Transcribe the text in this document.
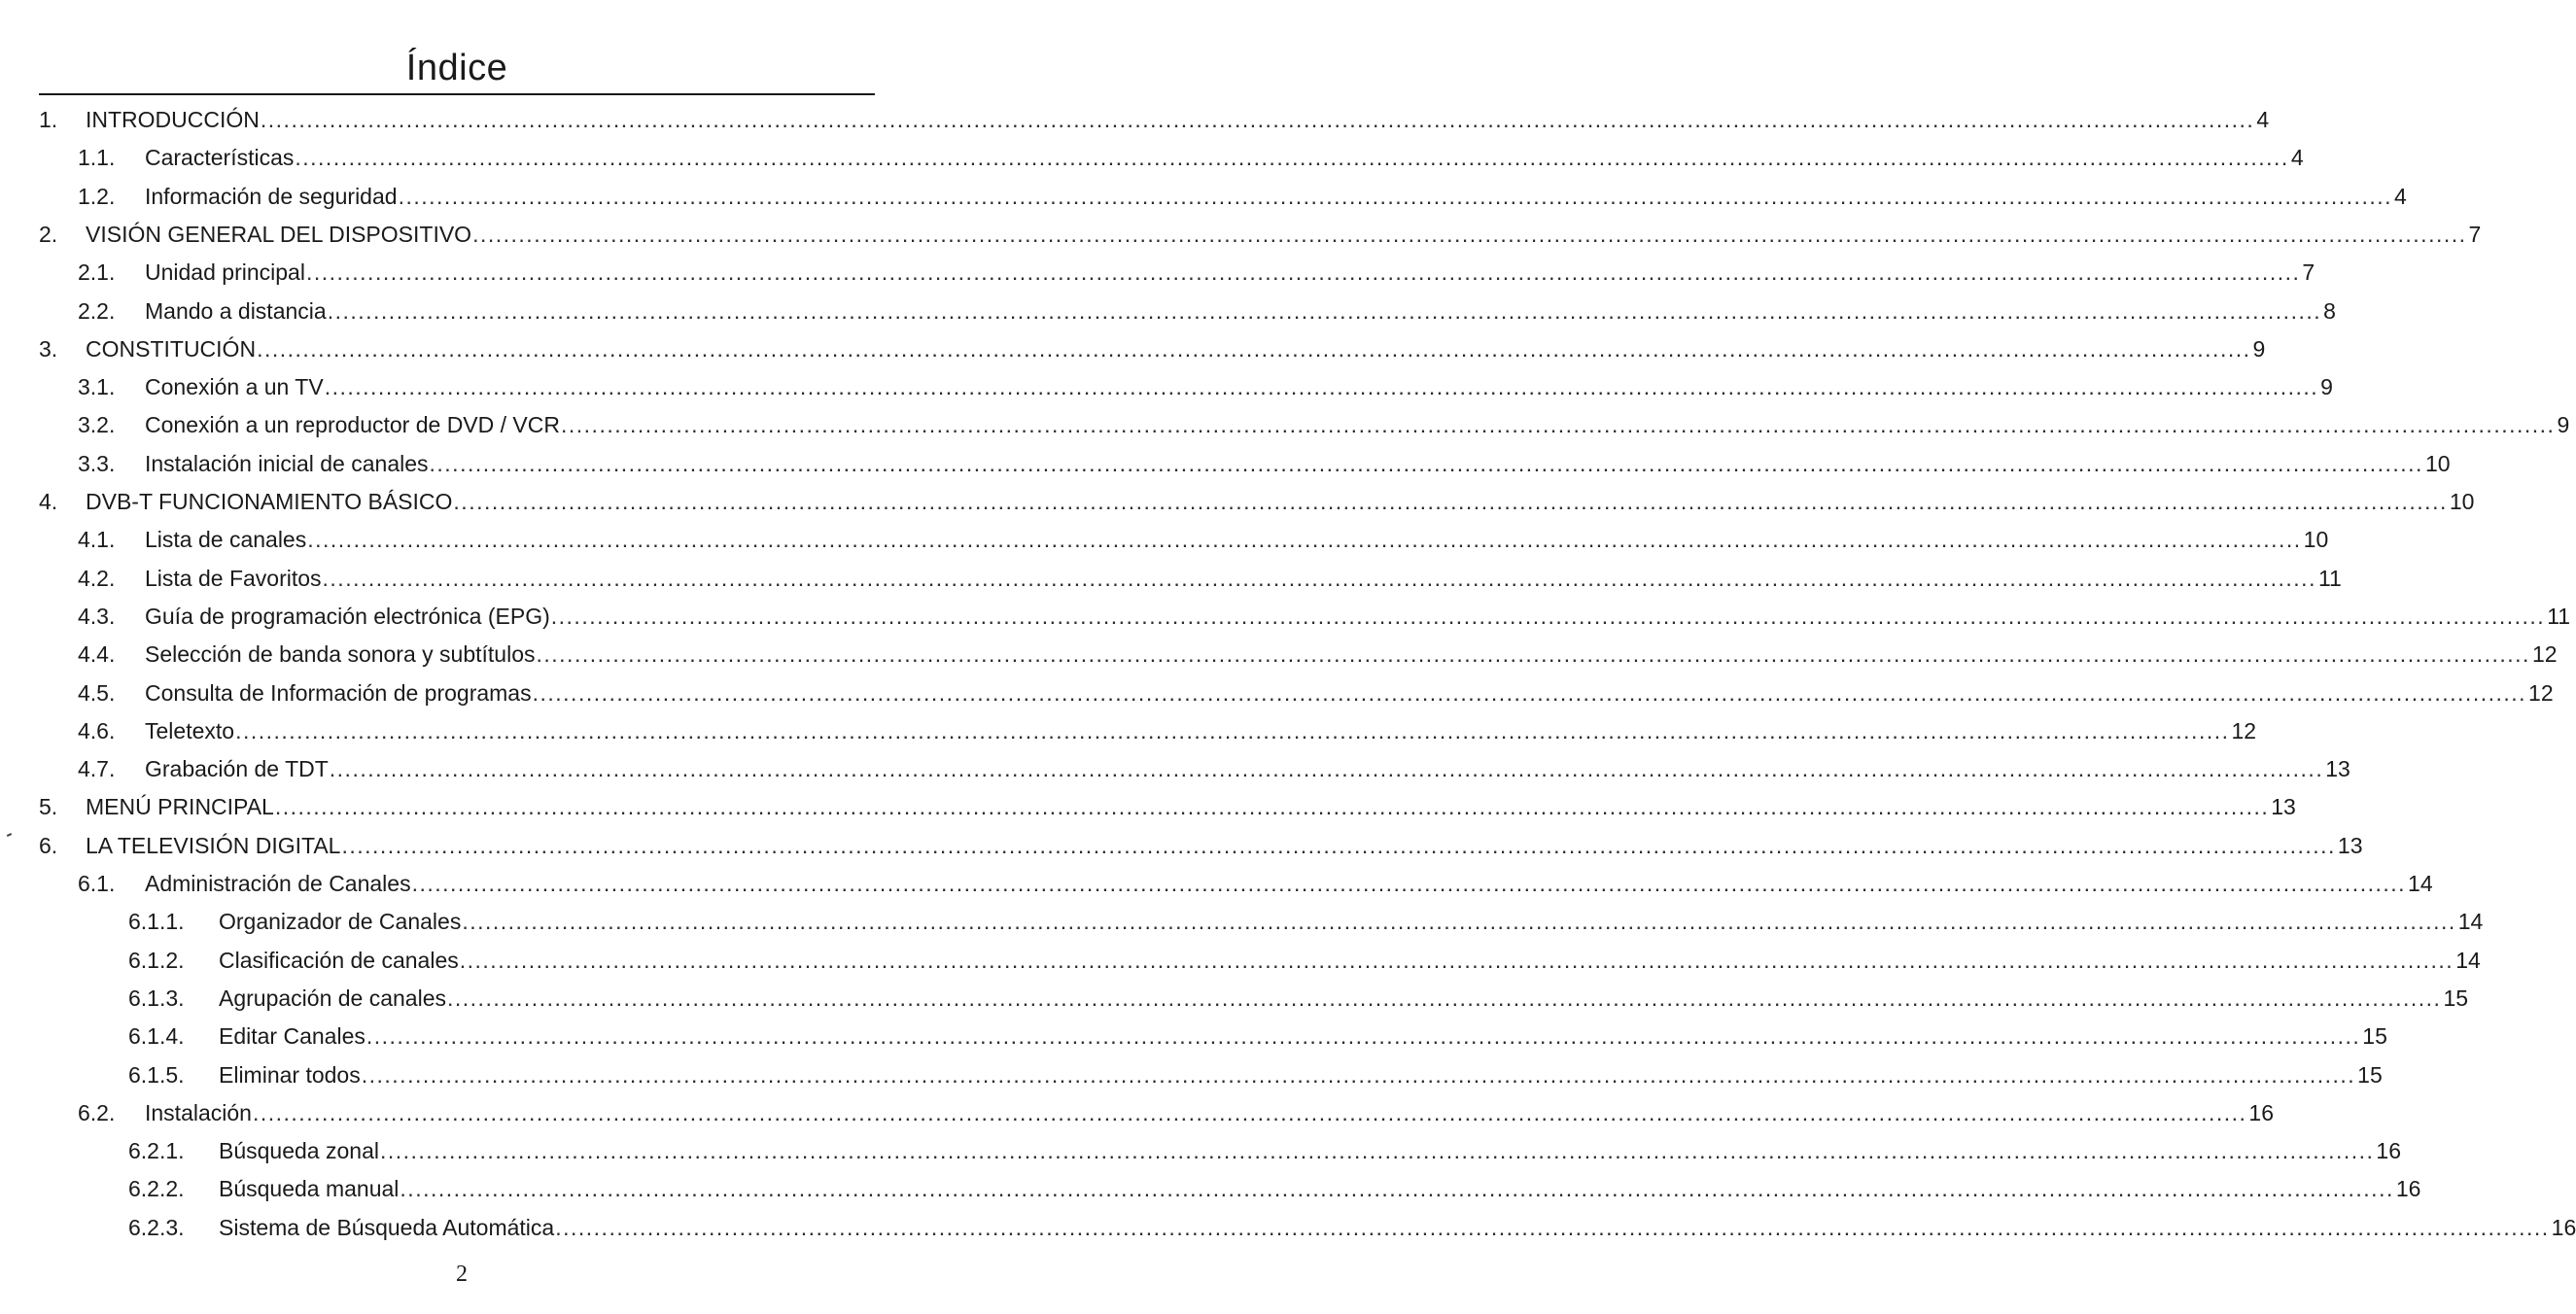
Índice
1.	INTRODUCCIÓN .................................................................................................................................................................................................................................................................... 4
1.1.	Características .................................................................................................................................................................................................................................................................... 4
1.2.	Información de seguridad .................................................................................................................................................................................................................................................................... 4
2.	VISIÓN GENERAL DEL DISPOSITIVO .................................................................................................................................................................................................................................................................... 7
2.1.	Unidad principal .................................................................................................................................................................................................................................................................... 7
2.2.	Mando a distancia .................................................................................................................................................................................................................................................................... 8
3.	CONSTITUCIÓN .................................................................................................................................................................................................................................................................... 9
3.1.	Conexión a un TV .................................................................................................................................................................................................................................................................... 9
3.2.	Conexión a un reproductor de DVD / VCR .................................................................................................................................................................................................................................................................... 9
3.3.	Instalación inicial de canales .................................................................................................................................................................................................................................................................... 10
4.	DVB-T FUNCIONAMIENTO BÁSICO .................................................................................................................................................................................................................................................................... 10
4.1.	Lista de canales .................................................................................................................................................................................................................................................................... 10
4.2.	Lista de Favoritos .................................................................................................................................................................................................................................................................... 11
4.3.	Guía de programación electrónica (EPG) .................................................................................................................................................................................................................................................................... 11
4.4.	Selección de banda sonora y subtítulos .................................................................................................................................................................................................................................................................... 12
4.5.	Consulta de Información de programas .................................................................................................................................................................................................................................................................... 12
4.6.	Teletexto .................................................................................................................................................................................................................................................................... 12
4.7.	Grabación de TDT .................................................................................................................................................................................................................................................................... 13
5.	MENÚ PRINCIPAL .................................................................................................................................................................................................................................................................... 13
6.	LA TELEVISIÓN DIGITAL .................................................................................................................................................................................................................................................................... 13
6.1.	Administración de Canales .................................................................................................................................................................................................................................................................... 14
6.1.1.	Organizador de Canales .................................................................................................................................................................................................................................................................... 14
6.1.2.	Clasificación de canales .................................................................................................................................................................................................................................................................... 14
6.1.3.	Agrupación de canales .................................................................................................................................................................................................................................................................... 15
6.1.4.	Editar Canales .................................................................................................................................................................................................................................................................... 15
6.1.5.	Eliminar todos .................................................................................................................................................................................................................................................................... 15
6.2.	Instalación .................................................................................................................................................................................................................................................................... 16
6.2.1.	Búsqueda zonal .................................................................................................................................................................................................................................................................... 16
6.2.2.	Búsqueda manual .................................................................................................................................................................................................................................................................... 16
6.2.3.	Sistema de Búsqueda Automática .................................................................................................................................................................................................................................................................... 16
2
